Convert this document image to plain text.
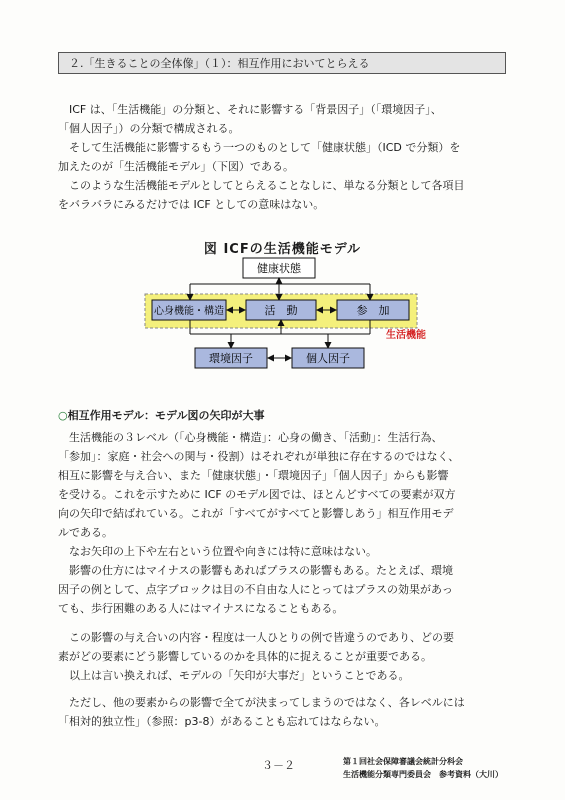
２.「生きることの全体像」（１）：相互作用においてとらえる

ICF は、「生活機能」の分類と、それに影響する「背景因子」（「環境因子」、

「個人因子」）の分類で構成される。

そして生活機能に影響するもう一つのものとして「健康状態」（ICD で分類）を

加えたのが「生活機能モデル」（下図）である。

このような生活機能モデルとしてとらえることなしに、単なる分類として各項目

をバラバラにみるだけでは ICF としての意味はない。

図 ICFの生活機能モデル
健康状態
心身機能・構造	活　動	参　加
生活機能
環境因子	個人因子
○相互作用モデル：モデル図の矢印が大事

生活機能の３レベル（「心身機能・構造」：心身の働き、「活動」：生活行為、

「参加」：家庭・社会への関与・役割）はそれぞれが単独に存在するのではなく、

相互に影響を与え合い、また「健康状態」・「環境因子」「個人因子」からも影響

を受ける。これを示すために ICF のモデル図では、ほとんどすべての要素が双方

向の矢印で結ばれている。これが「すべてがすべてと影響しあう」相互作用モデ

ルである。

なお矢印の上下や左右という位置や向きには特に意味はない。

影響の仕方にはマイナスの影響もあればプラスの影響もある。たとえば、環境

因子の例として、点字ブロックは目の不自由な人にとってはプラスの効果があっ

ても、歩行困難のある人にはマイナスになることもある。

この影響の与え合いの内容・程度は一人ひとりの例で皆違うのであり、どの要

素がどの要素にどう影響しているのかを具体的に捉えることが重要である。

以上は言い換えれば、モデルの「矢印が大事だ」ということである。

ただし、他の要素からの影響で全てが決まってしまうのではなく、各レベルには

「相対的独立性」（参照：p3-8）があることも忘れてはならない。

３－２	第１回社会保障審議会統計分科会
生活機能分類専門委員会　参考資料（大川）
